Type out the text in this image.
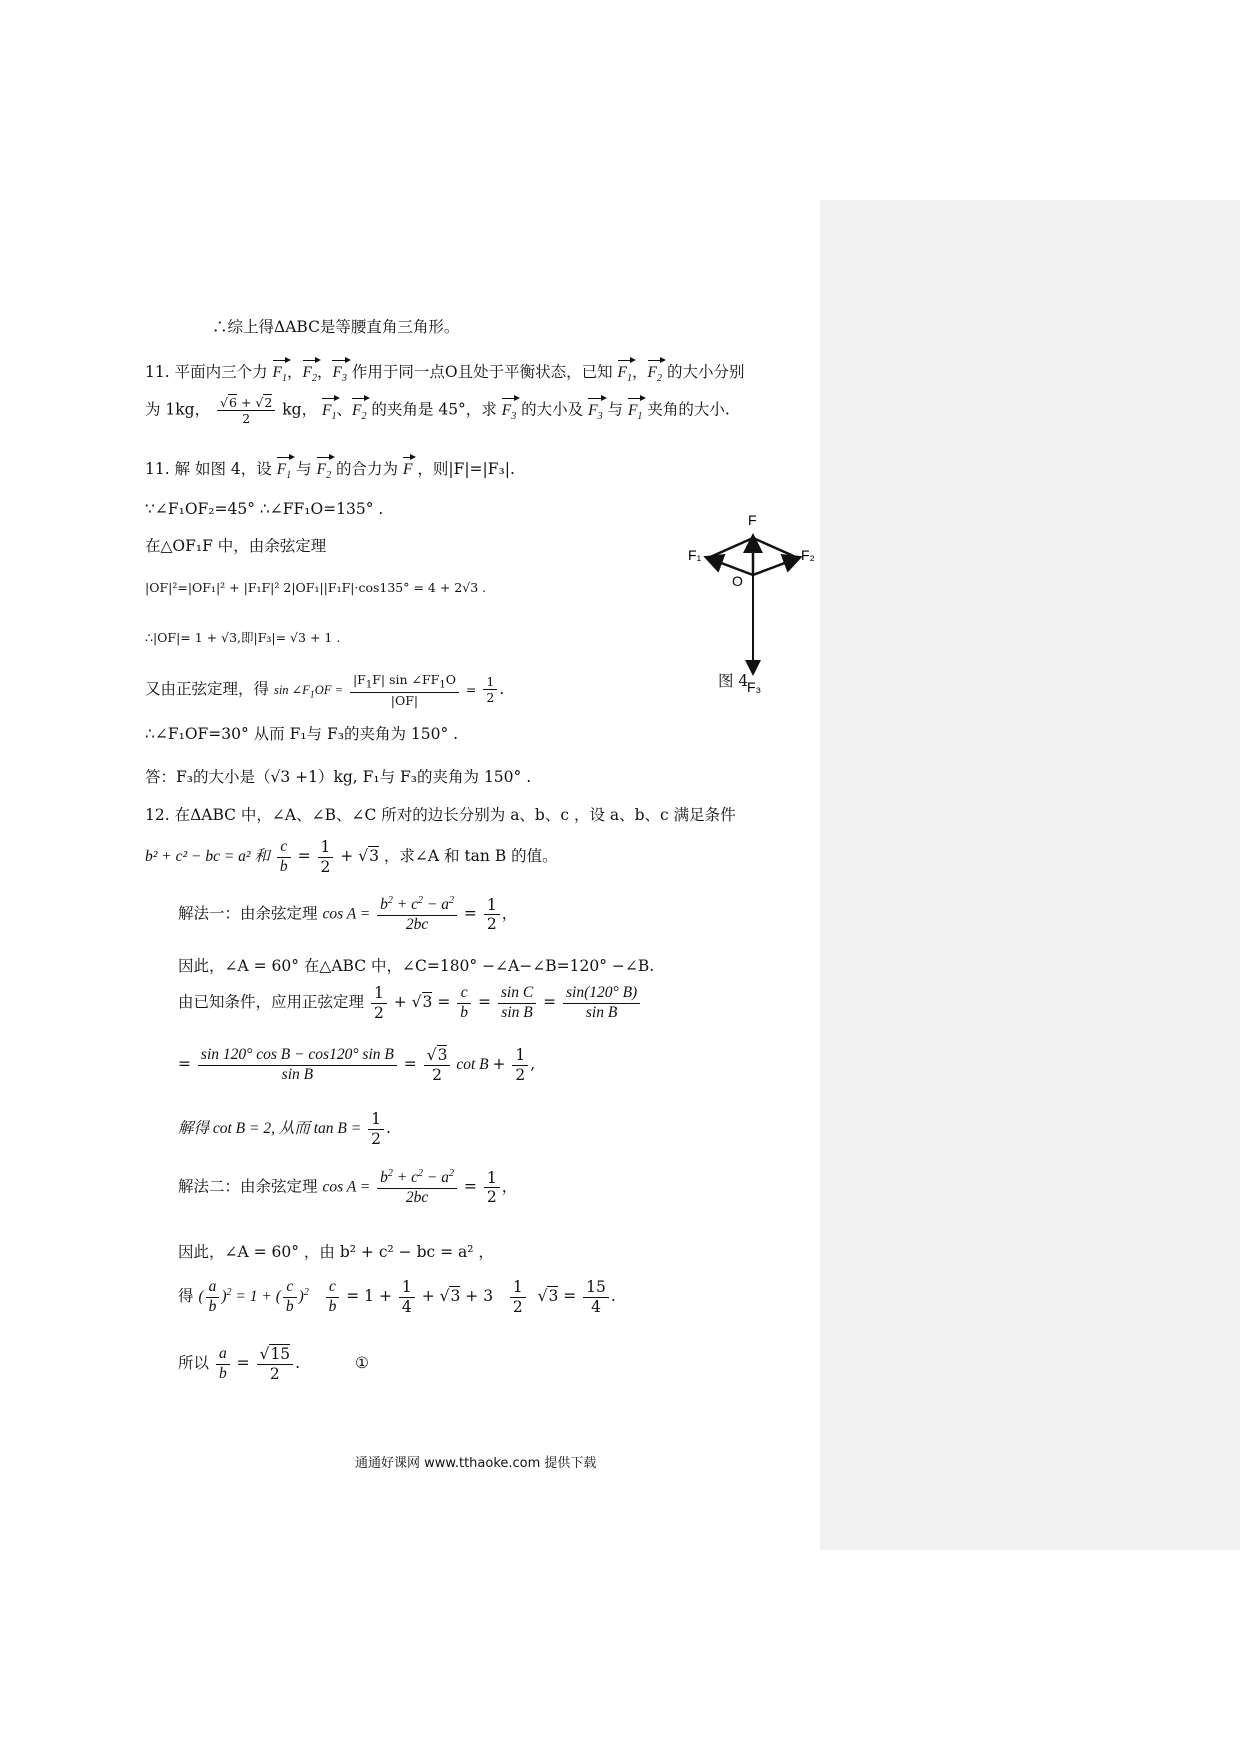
∴综上得ΔABC是等腰直角三角形。
11. 平面内三个力 $F_1$，$F_2$，$F_3$ 作用于同一点O且处于平衡状态，已知 $F_1$，$F_2$ 的大小分别
为 1kg， $\frac{√6 + √2}{2}$ kg， $F_1$、$F_2$ 的夹角是 45°，求 $F_3$ 的大小及 $F_3$ 与 $F_1$ 夹角的大小.
11. 解 如图 4，设 $F_1$ 与 $F_2$ 的合力为 F ，则|F|=|F₃|.
∵∠F₁OF₂=45° ∴∠FF₁O=135° .
在△OF₁F 中，由余弦定理
|OF|²=|OF₁|² + |F₁F|² 2|OF₁||F₁F|·cos135° = 4 + 2√3 .
∴|OF|= 1 + √3,即|F₃|= √3 + 1 .
又由正弦定理，得 $\sin \angle F_1OF = \frac{|F_1F| \sin \angle FF_1O}{|OF|} = \frac{1}{2}$ .
∴∠F₁OF=30° 从而 F₁与 F₃的夹角为 150° .
答：F₃的大小是（√3 +1）kg, F₁与 F₃的夹角为 150° .
12. 在ΔABC 中，∠A、∠B、∠C 所对的边长分别为 a、b、c ，设 a、b、c 满足条件
b² + c² − bc = a² 和 $\frac{c}{b} = \frac{1}{2} + √3$ ，求∠A 和 tan B 的值。
解法一：由余弦定理 $\cos A = \frac{b^2 + c^2 - a^2}{2bc} = \frac{1}{2}$ ，
因此，∠A = 60° 在△ABC 中，∠C=180° −∠A−∠B=120° −∠B.
由已知条件，应用正弦定理 $\frac{1}{2} + √3 = \frac{c}{b} = \frac{\text{sin C}}{\text{sin B}} = \frac{\sin(120^\circ B)}{\text{sin B}}$
= $\frac{\text{sin 120° cos B − cos120° sin B}}{\text{sin B}} = \frac{√3}{2}$ $\cot B + \frac{1}{2}$ ,
解得 cot B = 2, 从而 $\tan B = \frac{1}{2}$ .
解法二：由余弦定理 $\cos A = \frac{b^2 + c^2 - a^2}{2bc} = \frac{1}{2}$ ，
因此，∠A = 60° ，由 b² + c² − bc = a² ，
得 ( $\frac{a}{b} )^2 = 1$ + ( $\frac{c}{b} )^2 \frac{c}{b} = 1 + \frac{1}{4} + √3 + 3 \frac{1}{2} √3 = \frac{15}{4}$ .
所以 $\frac{a}{b} = \frac{√15}{2}$ .	①
F
F₁	F₂
O
F₃
图 4
通通好课网 www.tthaoke.com 提供下载
